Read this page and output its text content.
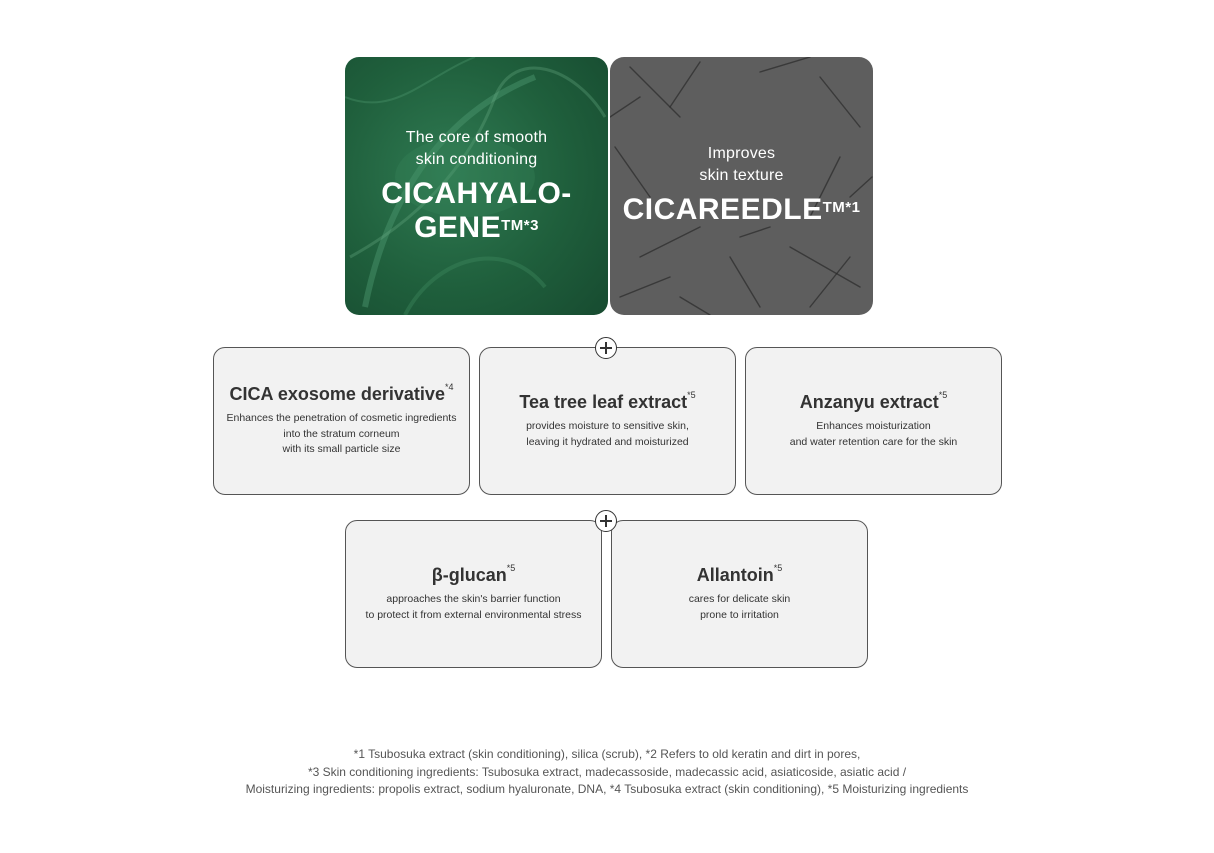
The core of smooth
skin conditioning
CICAHYALO-
$GENE^{TM*3}$
Improves
skin texture
$CICAREEDLE^{TM*1}$
CICA exosome derivative$^{*4}$
Enhances the penetration of cosmetic ingredients
into the stratum corneum
with its small particle size
Tea tree leaf extract$^{*5}$
provides moisture to sensitive skin,
leaving it hydrated and moisturized
Anzanyu extract$^{*5}$
Enhances moisturization
and water retention care for the skin
β-glucan$^{*5}$
approaches the skin's barrier function
to protect it from external environmental stress
Allantoin$^{*5}$
cares for delicate skin
prone to irritation
*1 Tsubosuka extract (skin conditioning), silica (scrub), *2 Refers to old keratin and dirt in pores,
*3 Skin conditioning ingredients: Tsubosuka extract, madecassoside, madecassic acid, asiaticoside, asiatic acid /
Moisturizing ingredients: propolis extract, sodium hyaluronate, DNA, *4 Tsubosuka extract (skin conditioning), *5 Moisturizing ingredients
